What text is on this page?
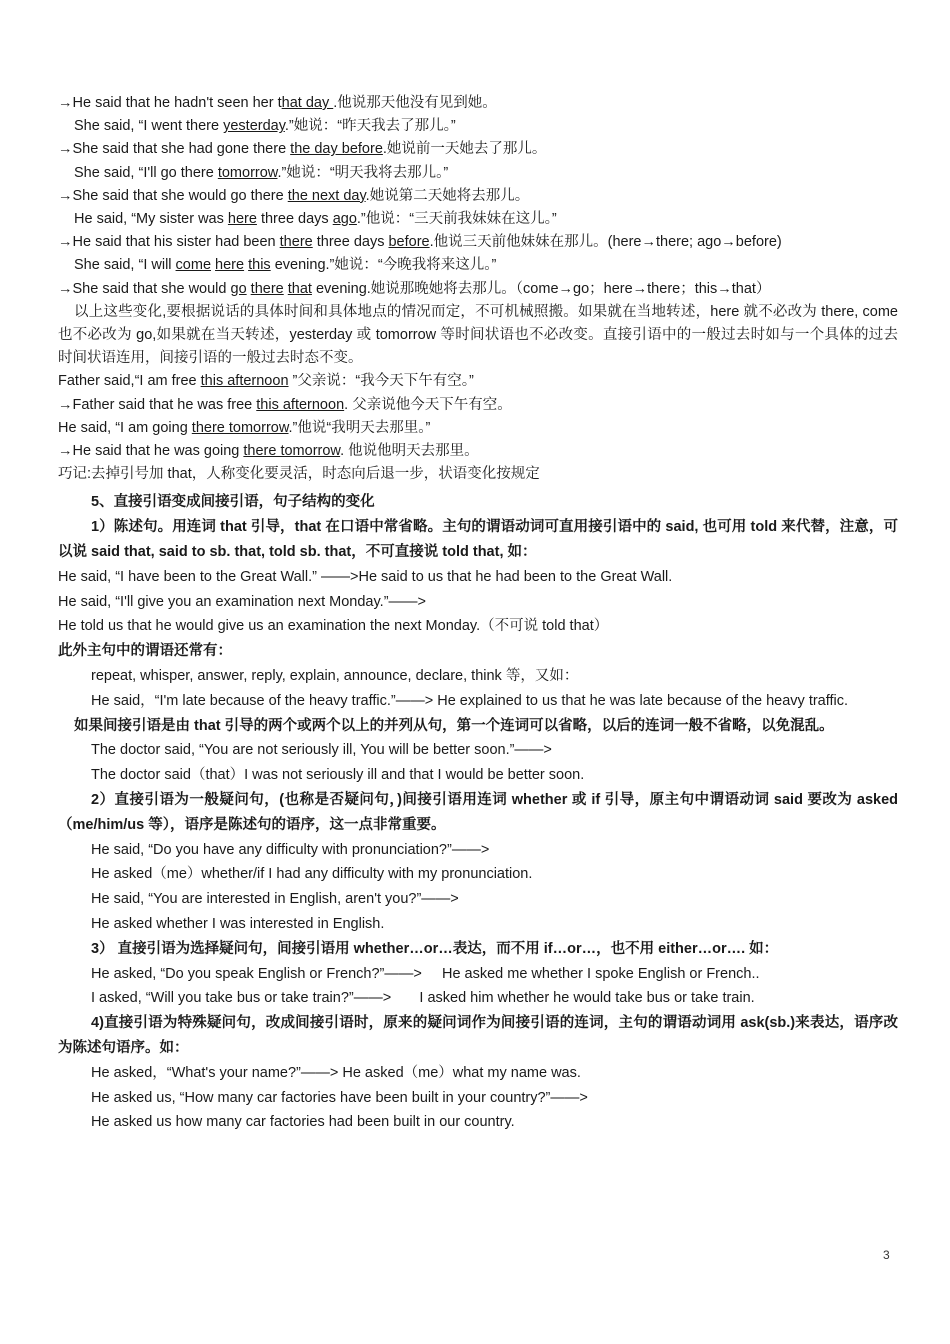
→He said that he hadn't seen her that day .他说那天他没有见到她。
She said, “I went there yesterday.”她说：“昨天我去了那儿。”
→She said that she had gone there the day before.她说前一天她去了那儿。
She said, “I'll go there tomorrow.”她说：“明天我将去那儿。”
→She said that she would go there the next day.她说第二天她将去那儿。
He said, “My sister was here three days ago.”他说：“三天前我妹妹在这儿。”
→He said that his sister had been there three days before.他说三天前他妹妹在那儿。(here→there; ago→before)
She said, “I will come here this evening.”她说：“今晚我将来这儿。”
→She said that she would go there that evening.她说那晚她将去那儿。（come→go；here→there；this→that）
以上这些变化,要根据说话的具体时间和具体地点的情况而定，不可机械照搬。如果就在当地转述，here 就不必改为 there, come 也不必改为 go,如果就在当天转述，yesterday 或 tomorrow 等时间状语也不必改变。直接引语中的一般过去时如与一个具体的过去时间状语连用，间接引语的一般过去时态不变。
Father said,“I am free this afternoon ”父亲说：“我今天下午有空。”
→Father said that he was free this afternoon. 父亲说他今天下午有空。
He said, “I am going there tomorrow.”他说“我明天去那里。”
→He said that he was going there tomorrow. 他说他明天去那里。
巧记:去掉引号加 that，人称变化要灵活，时态向后退一步，状语变化按规定
5、直接引语变成间接引语，句子结构的变化
1）陈述句。用连词 that 引导，that 在口语中常省略。主句的谓语动词可直用接引语中的 said, 也可用 told 来代替，注意，可以说 said that, said to sb. that, told sb. that，不可直接说 told that, 如：
He said, “I have been to the Great Wall.” ——>He said to us that he had been to the Great Wall.
He said, “I'll give you an examination next Monday.”——>
He told us that he would give us an examination the next Monday.（不可说 told that）
此外主句中的谓语还常有：
repeat, whisper, answer, reply, explain, announce, declare, think 等，又如：
He said，“I'm late because of the heavy traffic.”——> He explained to us that he was late because of the heavy traffic.
如果间接引语是由 that 引导的两个或两个以上的并列从句，第一个连词可以省略，以后的连词一般不省略，以免混乱。
The doctor said, “You are not seriously ill, You will be better soon.”——>
The doctor said（that）I was not seriously ill and that I would be better soon.
2）直接引语为一般疑问句，(也称是否疑问句，)间接引语用连词 whether 或 if 引导，原主句中谓语动词 said 要改为 asked（me/him/us 等），语序是陈述句的语序，这一点非常重要。
He said, “Do you have any difficulty with pronunciation?”——>
He asked（me）whether/if I had any difficulty with my pronunciation.
He said, “You are interested in English, aren't you?”——>
He asked whether I was interested in English.
3） 直接引语为选择疑问句，间接引语用 whether…or…表达，而不用 if…or…，也不用 either…or…. 如：
He asked, “Do you speak English or French?”——>     He asked me whether I spoke English or French..
I asked, “Will you take bus or take train?”——>       I asked him whether he would take bus or take train.
4)直接引语为特殊疑问句，改成间接引语时，原来的疑问词作为间接引语的连词，主句的谓语动词用 ask(sb.)来表达，语序改为陈述句语序。如：
He asked，“What's your name?”——> He asked（me）what my name was.
He asked us, “How many car factories have been built in your country?”——>
He asked us how many car factories had been built in our country.
3
